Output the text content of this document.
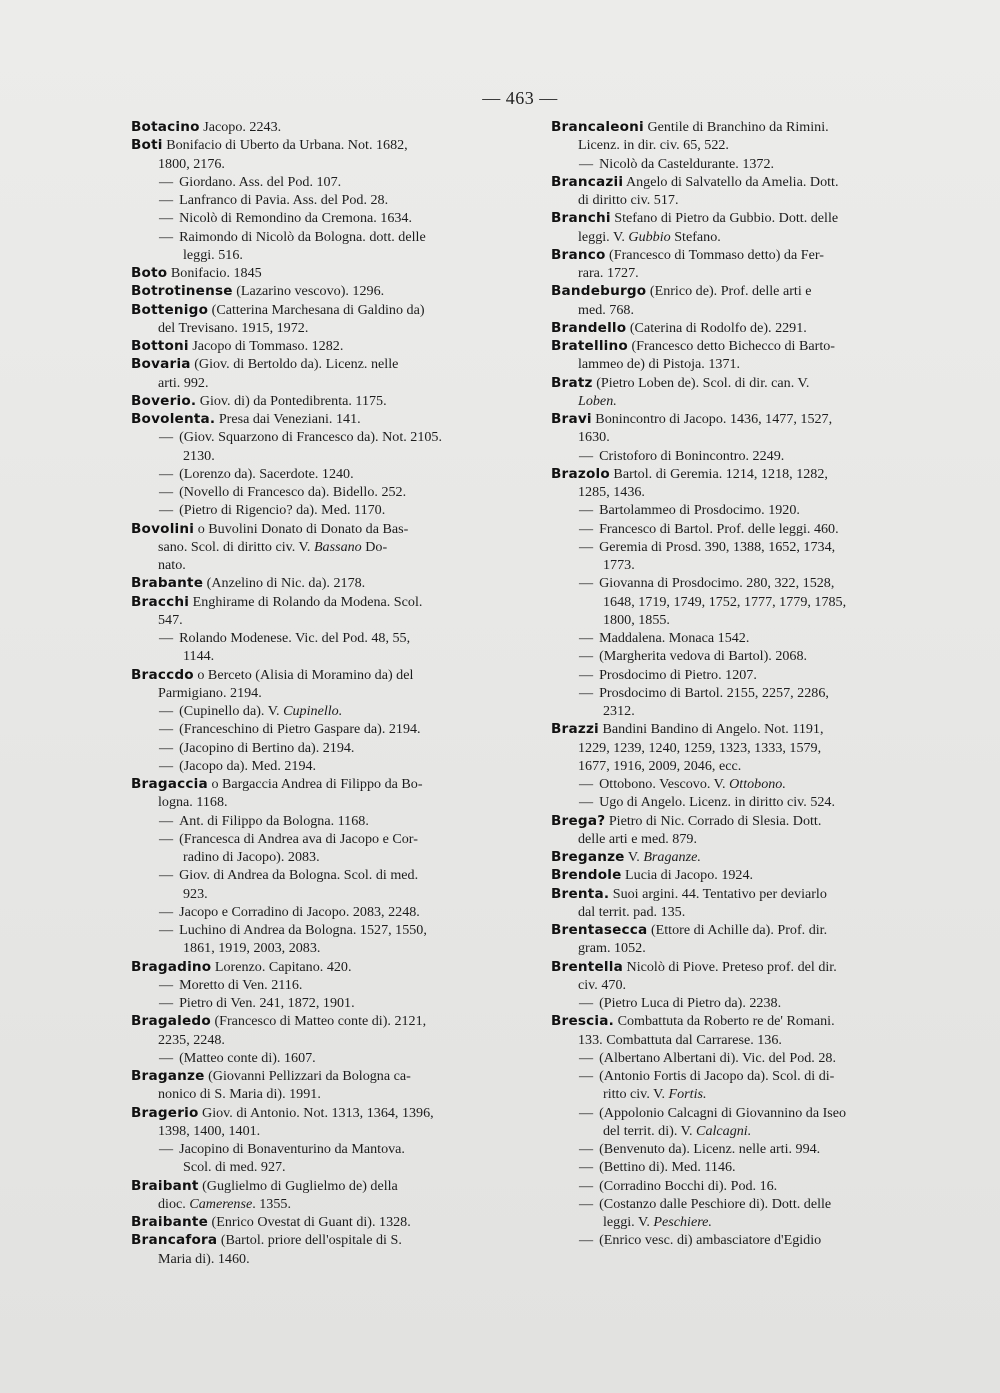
— 463 —
Botacino Jacopo. 2243.
Boti Bonifacio di Uberto da Urbana. Not. 1682,
1800, 2176.
— Giordano. Ass. del Pod. 107.
— Lanfranco di Pavia. Ass. del Pod. 28.
— Nicolò di Remondino da Cremona. 1634.
— Raimondo di Nicolò da Bologna. dott. delle
leggi. 516.
Boto Bonifacio. 1845
Botrotinense (Lazarino vescovo). 1296.
Bottenigo (Catterina Marchesana di Galdino da)
del Trevisano. 1915, 1972.
Bottoni Jacopo di Tommaso. 1282.
Bovaria (Giov. di Bertoldo da). Licenz. nelle
arti. 992.
Boverio. Giov. di) da Pontedibrenta. 1175.
Bovolenta. Presa dai Veneziani. 141.
— (Giov. Squarzono di Francesco da). Not. 2105.
2130.
— (Lorenzo da). Sacerdote. 1240.
— (Novello di Francesco da). Bidello. 252.
— (Pietro di Rigencio? da). Med. 1170.
Bovolini o Buvolini Donato di Donato da Bas-
sano. Scol. di diritto civ. V. Bassano Do-
nato.
Brabante (Anzelino di Nic. da). 2178.
Bracchi Enghirame di Rolando da Modena. Scol.
547.
— Rolando Modenese. Vic. del Pod. 48, 55,
1144.
Braccdo o Berceto (Alisia di Moramino da) del
Parmigiano. 2194.
— (Cupinello da). V. Cupinello.
— (Franceschino di Pietro Gaspare da). 2194.
— (Jacopino di Bertino da). 2194.
— (Jacopo da). Med. 2194.
Bragaccia o Bargaccia Andrea di Filippo da Bo-
logna. 1168.
— Ant. di Filippo da Bologna. 1168.
— (Francesca di Andrea ava di Jacopo e Cor-
radino di Jacopo). 2083.
— Giov. di Andrea da Bologna. Scol. di med.
923.
— Jacopo e Corradino di Jacopo. 2083, 2248.
— Luchino di Andrea da Bologna. 1527, 1550,
1861, 1919, 2003, 2083.
Bragadino Lorenzo. Capitano. 420.
— Moretto di Ven. 2116.
— Pietro di Ven. 241, 1872, 1901.
Bragaledo (Francesco di Matteo conte di). 2121,
2235, 2248.
— (Matteo conte di). 1607.
Braganze (Giovanni Pellizzari da Bologna ca-
nonico di S. Maria di). 1991.
Bragerio Giov. di Antonio. Not. 1313, 1364, 1396,
1398, 1400, 1401.
— Jacopino di Bonaventurino da Mantova.
Scol. di med. 927.
Braibant (Guglielmo di Guglielmo de) della
dioc. Camerense. 1355.
Braibante (Enrico Ovestat di Guant di). 1328.
Brancafora (Bartol. priore dell'ospitale di S.
Maria di). 1460.
Brancaleoni Gentile di Branchino da Rimini.
Licenz. in dir. civ. 65, 522.
— Nicolò da Casteldurante. 1372.
Brancazii Angelo di Salvatello da Amelia. Dott.
di diritto civ. 517.
Branchi Stefano di Pietro da Gubbio. Dott. delle
leggi. V. Gubbio Stefano.
Branco (Francesco di Tommaso detto) da Fer-
rara. 1727.
Bandeburgo (Enrico de). Prof. delle arti e
med. 768.
Brandello (Caterina di Rodolfo de). 2291.
Bratellino (Francesco detto Bichecco di Barto-
lammeo de) di Pistoja. 1371.
Bratz (Pietro Loben de). Scol. di dir. can. V.
Loben.
Bravi Bonincontro di Jacopo. 1436, 1477, 1527,
1630.
— Cristoforo di Bonincontro. 2249.
Brazolo Bartol. di Geremia. 1214, 1218, 1282,
1285, 1436.
— Bartolammeo di Prosdocimo. 1920.
— Francesco di Bartol. Prof. delle leggi. 460.
— Geremia di Prosd. 390, 1388, 1652, 1734,
1773.
— Giovanna di Prosdocimo. 280, 322, 1528,
1648, 1719, 1749, 1752, 1777, 1779, 1785,
1800, 1855.
— Maddalena. Monaca 1542.
— (Margherita vedova di Bartol). 2068.
— Prosdocimo di Pietro. 1207.
— Prosdocimo di Bartol. 2155, 2257, 2286,
2312.
Brazzi Bandini Bandino di Angelo. Not. 1191,
1229, 1239, 1240, 1259, 1323, 1333, 1579,
1677, 1916, 2009, 2046, ecc.
— Ottobono. Vescovo. V. Ottobono.
— Ugo di Angelo. Licenz. in diritto civ. 524.
Brega? Pietro di Nic. Corrado di Slesia. Dott.
delle arti e med. 879.
Breganze V. Braganze.
Brendole Lucia di Jacopo. 1924.
Brenta. Suoi argini. 44. Tentativo per deviarlo
dal territ. pad. 135.
Brentasecca (Ettore di Achille da). Prof. dir.
gram. 1052.
Brentella Nicolò di Piove. Preteso prof. del dir.
civ. 470.
— (Pietro Luca di Pietro da). 2238.
Brescia. Combattuta da Roberto re de' Romani.
133. Combattuta dal Carrarese. 136.
— (Albertano Albertani di). Vic. del Pod. 28.
— (Antonio Fortis di Jacopo da). Scol. di di-
ritto civ. V. Fortis.
— (Appolonio Calcagni di Giovannino da Iseo
del territ. di). V. Calcagni.
— (Benvenuto da). Licenz. nelle arti. 994.
— (Bettino di). Med. 1146.
— (Corradino Bocchi di). Pod. 16.
— (Costanzo dalle Peschiore di). Dott. delle
leggi. V. Peschiere.
— (Enrico vesc. di) ambasciatore d'Egidio
